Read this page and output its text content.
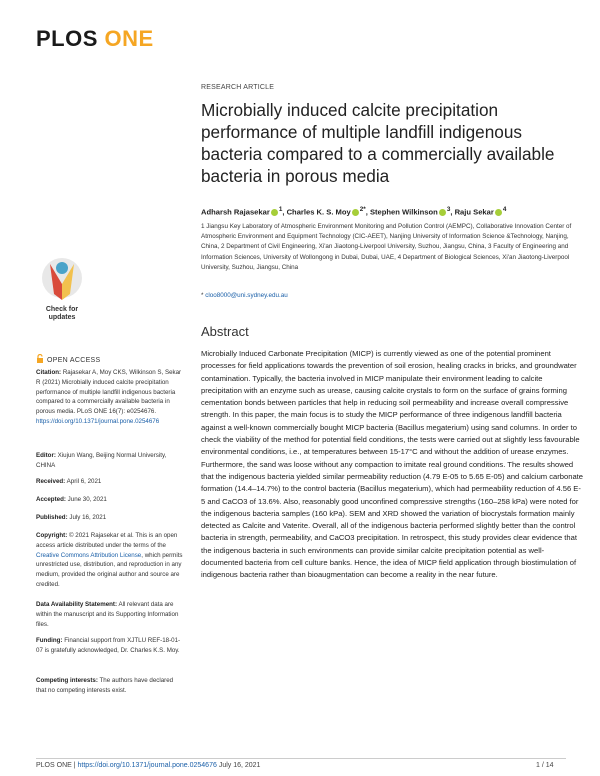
PLOS ONE
RESEARCH ARTICLE
Microbially induced calcite precipitation performance of multiple landfill indigenous bacteria compared to a commercially available bacteria in porous media
Adharsh Rajasekar $^1$, Charles K. S. Moy $^{2*}$, Stephen Wilkinson $^3$, Raju Sekar $^4$
1 Jiangsu Key Laboratory of Atmospheric Environment Monitoring and Pollution Control (AEMPC), Collaborative Innovation Center of Atmospheric Environment and Equipment Technology (CIC-AEET), Nanjing University of Information Science &Technology, Nanjing, China, 2 Department of Civil Engineering, Xi'an Jiaotong-Liverpool University, Suzhou, Jiangsu, China, 3 Faculty of Engineering and Information Sciences, University of Wollongong in Dubai, Dubai, UAE, 4 Department of Biological Sciences, Xi'an Jiaotong-Liverpool University, Suzhou, Jiangsu, China
* cloo8000@uni.sydney.edu.au
Abstract
Microbially Induced Carbonate Precipitation (MICP) is currently viewed as one of the potential prominent processes for field applications towards the prevention of soil erosion, healing cracks in bricks, and groundwater contamination. Typically, the bacteria involved in MICP manipulate their environment leading to calcite precipitation with an enzyme such as urease, causing calcite crystals to form on the surface of grains forming cementation bonds between particles that help in reducing soil permeability and increase overall compressive strength. In this paper, the main focus is to study the MICP performance of three indigenous landfill bacteria against a well-known commercially bought MICP bacteria (Bacillus megaterium) using sand columns. In order to check the viability of the method for potential field conditions, the tests were carried out at slightly less favourable environmental conditions, i.e., at temperatures between 15-17°C and without the addition of urease enzymes. Furthermore, the sand was loose without any compaction to imitate real ground conditions. The results showed that the indigenous bacteria yielded similar permeability reduction (4.79 E-05 to 5.65 E-05) and calcium carbonate formation (14.4–14.7%) to the control bacteria (Bacillus megaterium), which had permeability reduction of 4.56 E-5 and CaCO3 of 13.6%. Also, reasonably good unconfined compressive strengths (160–258 kPa) were noted for the indigenous bacteria samples (160 kPa). SEM and XRD showed the variation of biocrystals formation mainly detected as Calcite and Vaterite. Overall, all of the indigenous bacteria performed slightly better than the control bacteria in strength, permeability, and CaCO3 precipitation. In retrospect, this study provides clear evidence that the indigenous bacteria in such environments can provide similar calcite precipitation potential as well-documented bacteria from cell culture banks. Hence, the idea of MICP field application through biostimulation of indigenous bacteria rather than bioaugmentation can become a reality in the near future.
Check for
updates
OPEN ACCESS
Citation: Rajasekar A, Moy CKS, Wilkinson S, Sekar R (2021) Microbially induced calcite precipitation performance of multiple landfill indigenous bacteria compared to a commercially available bacteria in porous media. PLoS ONE 16(7): e0254676. https://doi.org/10.1371/journal.pone.0254676
Editor: Xiujun Wang, Beijing Normal University, CHINA
Received: April 6, 2021
Accepted: June 30, 2021
Published: July 16, 2021
Copyright: © 2021 Rajasekar et al. This is an open access article distributed under the terms of the Creative Commons Attribution License, which permits unrestricted use, distribution, and reproduction in any medium, provided the original author and source are credited.
Data Availability Statement: All relevant data are within the manuscript and its Supporting Information files.
Funding: Financial support from XJTLU REF-18-01-07 is gratefully acknowledged, Dr. Charles K.S. Moy.
Competing interests: The authors have declared that no competing interests exist.
PLOS ONE | https://doi.org/10.1371/journal.pone.0254676 July 16, 2021	1 / 14
